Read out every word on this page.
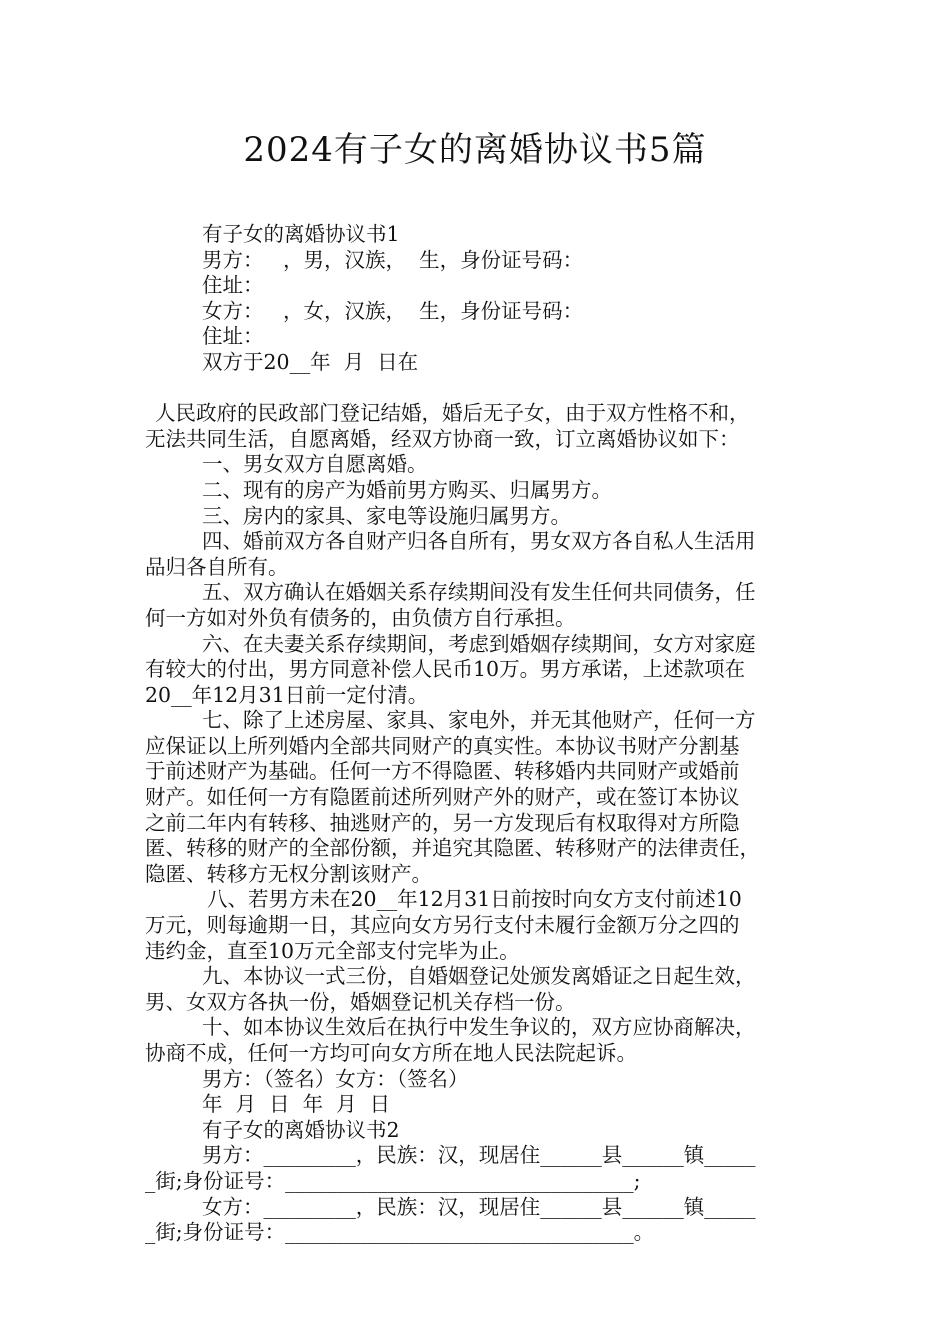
2024有子女的离婚协议书5篇
有子女的离婚协议书1
男方：   ，男，汉族，  生，身份证号码：
住址：
女方：   ，女，汉族，  生，身份证号码：
住址：
双方于20__年  月  日在
人民政府的民政部门登记结婚，婚后无子女，由于双方性格不和，
无法共同生活，自愿离婚，经双方协商一致，订立离婚协议如下：
一、男女双方自愿离婚。
二、现有的房产为婚前男方购买、归属男方。
三、房内的家具、家电等设施归属男方。
四、婚前双方各自财产归各自所有，男女双方各自私人生活用
品归各自所有。
五、双方确认在婚姻关系存续期间没有发生任何共同债务，任
何一方如对外负有债务的，由负债方自行承担。
六、在夫妻关系存续期间，考虑到婚姻存续期间，女方对家庭
有较大的付出，男方同意补偿人民币10万。男方承诺，上述款项在
20__年12月31日前一定付清。
七、除了上述房屋、家具、家电外，并无其他财产，任何一方
应保证以上所列婚内全部共同财产的真实性。本协议书财产分割基
于前述财产为基础。任何一方不得隐匿、转移婚内共同财产或婚前
财产。如任何一方有隐匿前述所列财产外的财产，或在签订本协议
之前二年内有转移、抽逃财产的，另一方发现后有权取得对方所隐
匿、转移的财产的全部份额，并追究其隐匿、转移财产的法律责任，
隐匿、转移方无权分割该财产。
八、若男方未在20__年12月31日前按时向女方支付前述10
万元，则每逾期一日，其应向女方另行支付未履行金额万分之四的
违约金，直至10万元全部支付完毕为止。
九、本协议一式三份，自婚姻登记处颁发离婚证之日起生效，
男、女双方各执一份，婚姻登记机关存档一份。
十、如本协议生效后在执行中发生争议的，双方应协商解决，
协商不成，任何一方均可向女方所在地人民法院起诉。
男方：（签名）女方：（签名）
年  月  日  年  月  日
有子女的离婚协议书2
男方：_________，民族：汉，现居住______县______镇_____
_街;身份证号：__________________________________;
女方：_________，民族：汉，现居住______县______镇_____
_街;身份证号：__________________________________。
